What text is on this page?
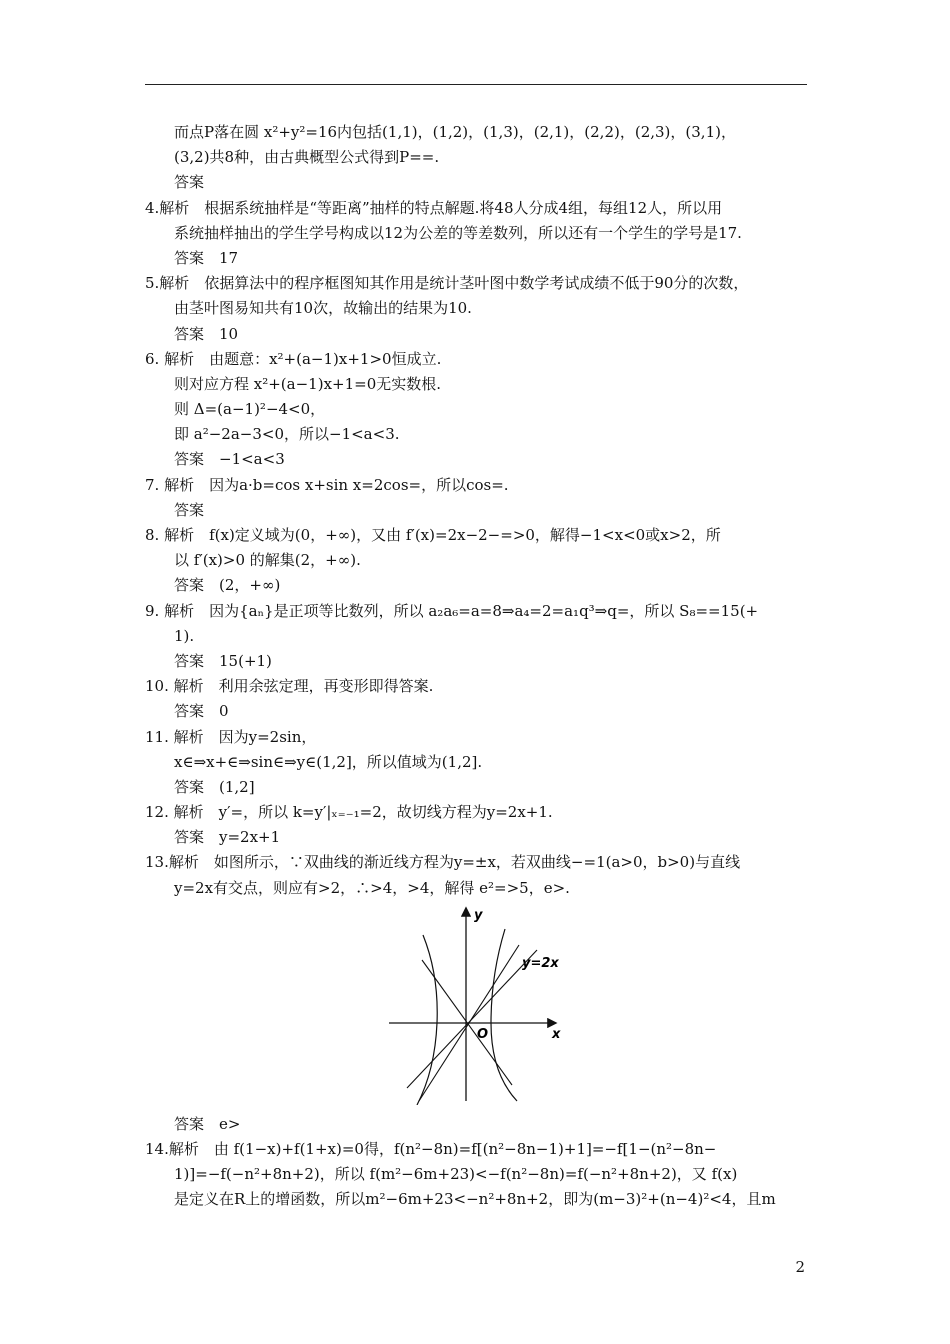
而点P落在圆 x²+y²=16内包括(1,1)，(1,2)，(1,3)，(2,1)，(2,2)，(2,3)，(3,1)，
(3,2)共8种，由古典概型公式得到P==.
答案
4.解析　根据系统抽样是“等距离”抽样的特点解题.将48人分成4组，每组12人，所以用
系统抽样抽出的学生学号构成以12为公差的等差数列，所以还有一个学生的学号是17.
答案　17
5.解析　依据算法中的程序框图知其作用是统计茎叶图中数学考试成绩不低于90分的次数，
由茎叶图易知共有10次，故输出的结果为10.
答案　10
6. 解析　由题意：x²+(a−1)x+1>0恒成立.
则对应方程 x²+(a−1)x+1=0无实数根.
则 Δ=(a−1)²−4<0，
即 a²−2a−3<0，所以−1<a<3.
答案　−1<a<3
7. 解析　因为a·b=cos x+sin x=2cos=，所以cos=.
答案
8. 解析　f(x)定义域为(0，+∞)，又由 f′(x)=2x−2−=>0，解得−1<x<0或x>2，所
以 f′(x)>0 的解集(2，+∞).
答案　(2，+∞)
9. 解析　因为{aₙ}是正项等比数列，所以 a₂a₆=a=8⇒a₄=2=a₁q³⇒q=，所以 S₈==15(+
1).
答案　15(+1)
10. 解析　利用余弦定理，再变形即得答案.
答案　0
11. 解析　因为y=2sin，
x∈⇒x+∈⇒sin∈⇒y∈(1,2]，所以值域为(1,2].
答案　(1,2]
12. 解析　y′=，所以 k=y′|ₓ₌₋₁=2，故切线方程为y=2x+1.
答案　y=2x+1
13.解析　如图所示，∵双曲线的渐近线方程为y=±x，若双曲线−=1(a>0，b>0)与直线
y=2x有交点，则应有>2，∴>4，>4，解得 e²=>5，e>.
y
x
O
y=2x
答案　e>
14.解析　由 f(1−x)+f(1+x)=0得，f(n²−8n)=f[(n²−8n−1)+1]=−f[1−(n²−8n−
1)]=−f(−n²+8n+2)，所以 f(m²−6m+23)<−f(n²−8n)=f(−n²+8n+2)，又 f(x)
是定义在R上的增函数，所以m²−6m+23<−n²+8n+2，即为(m−3)²+(n−4)²<4，且m
2
